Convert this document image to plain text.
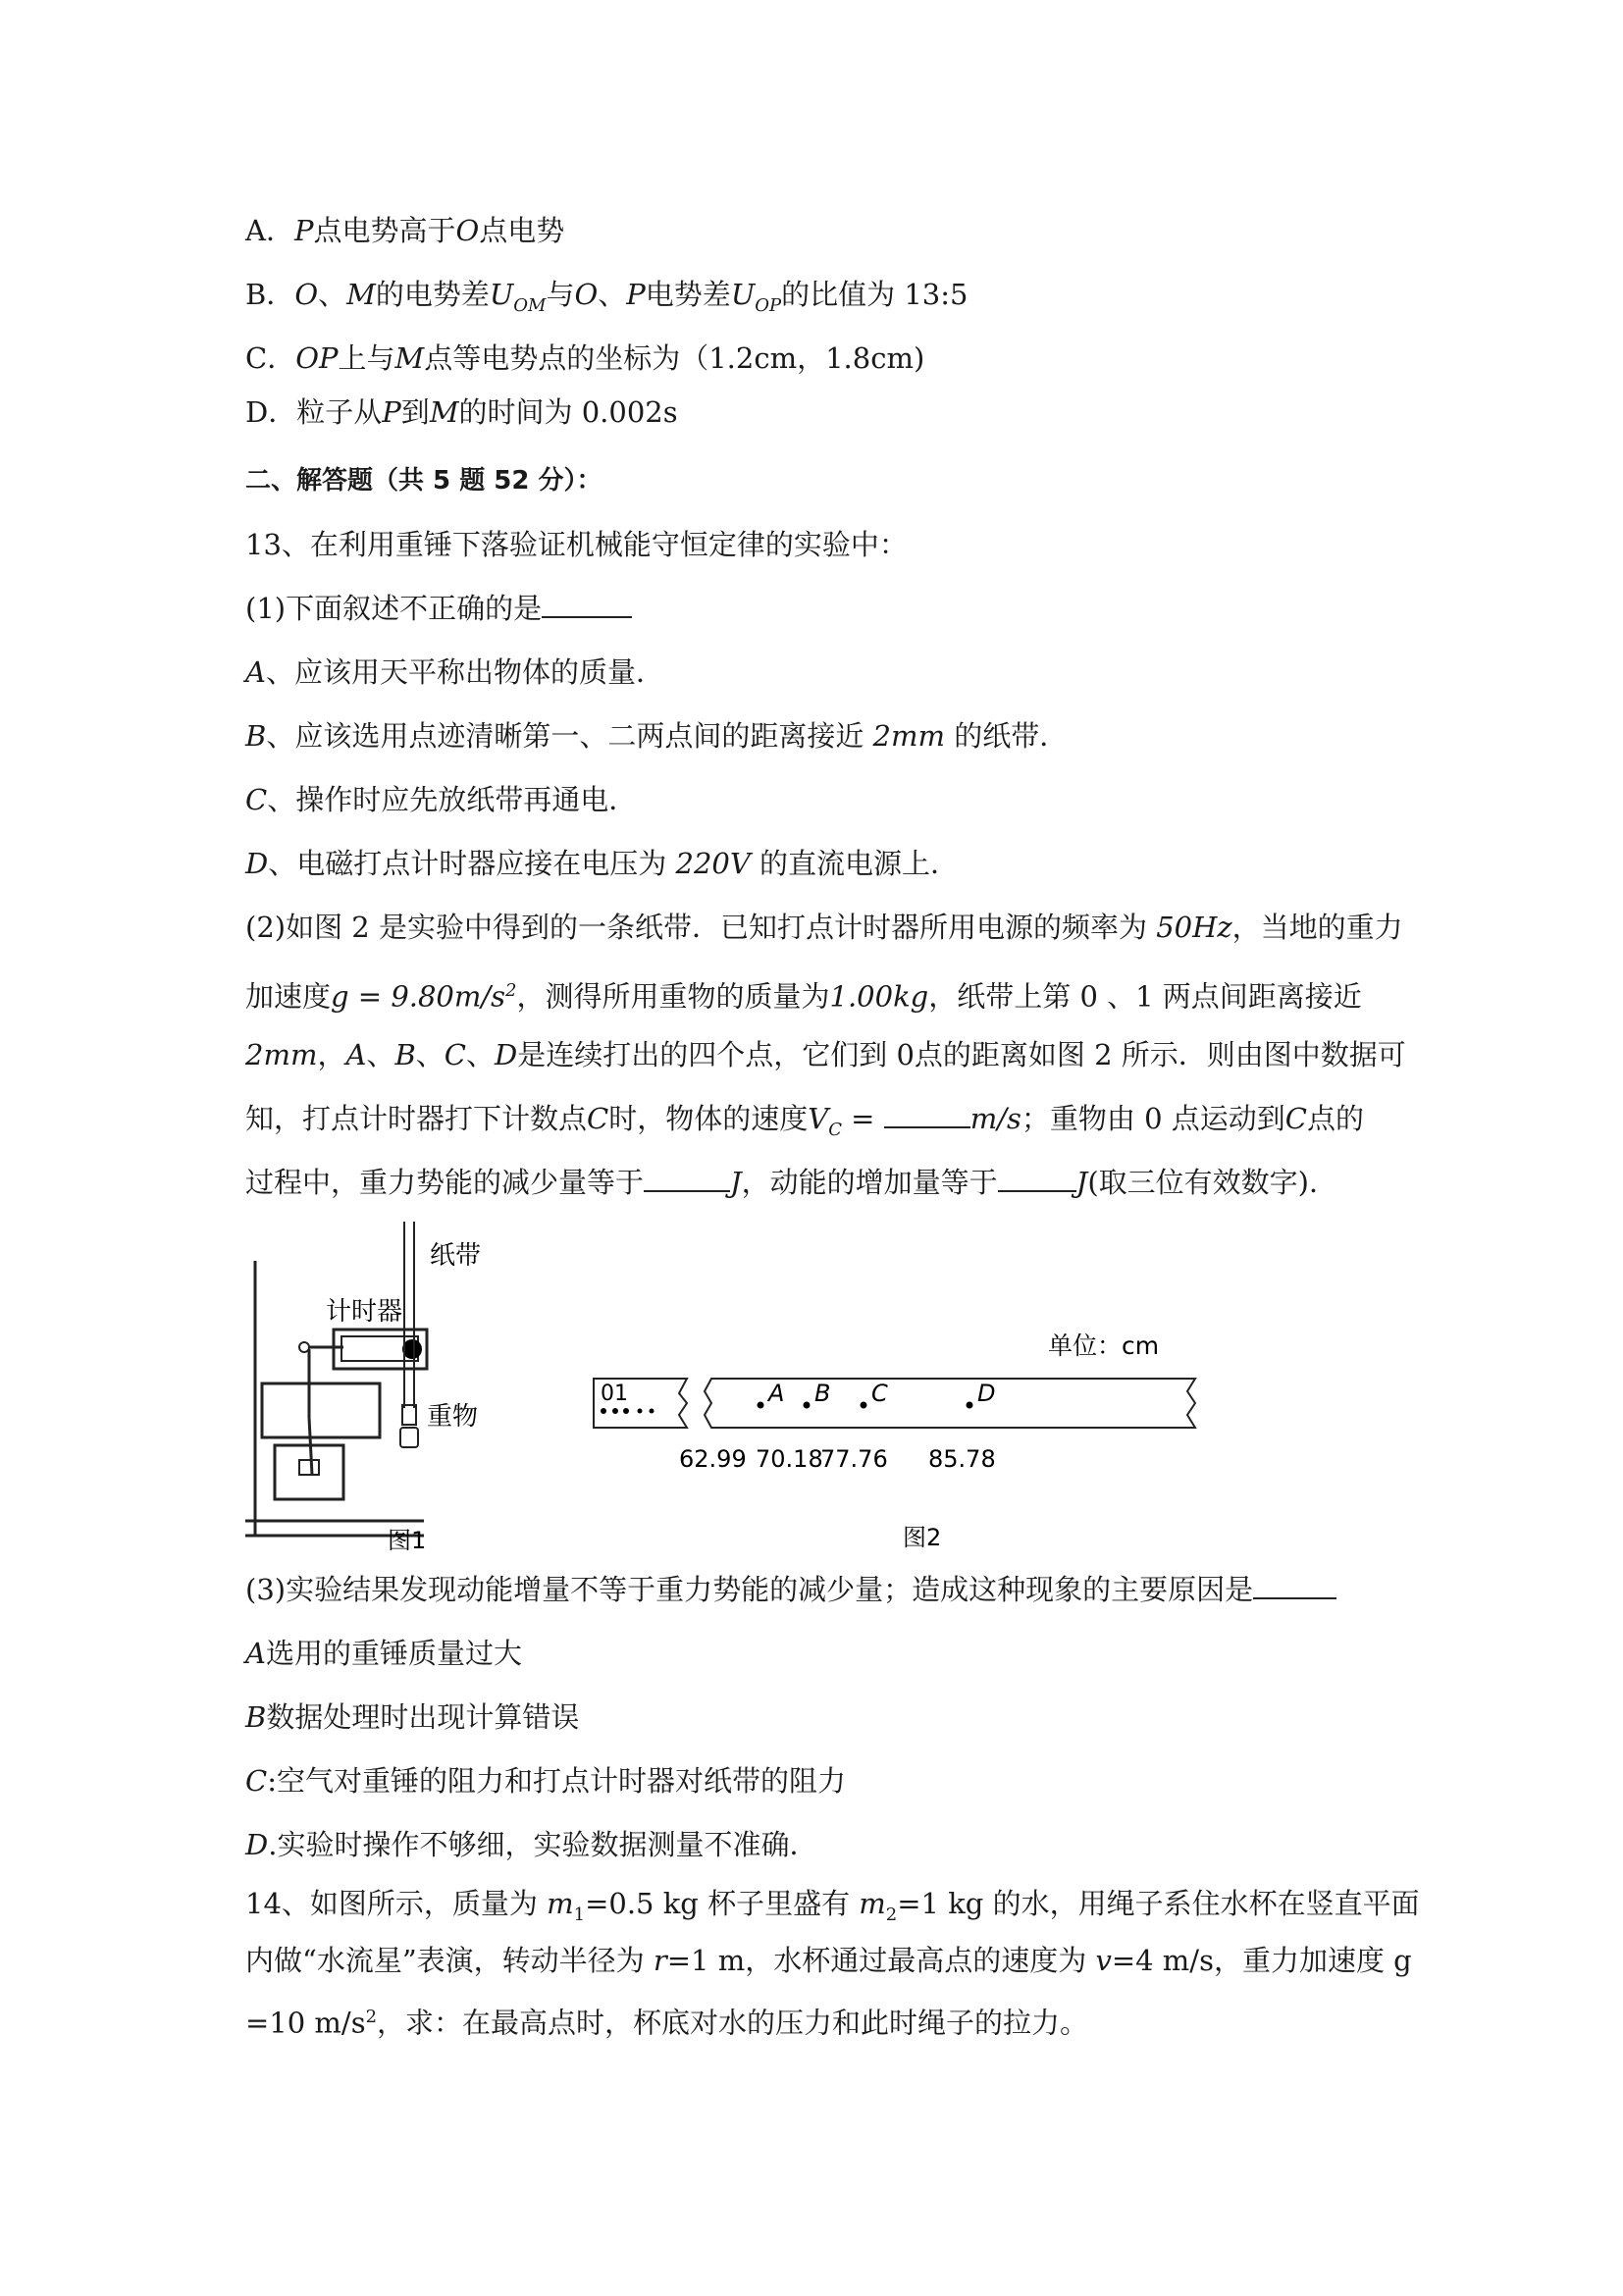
A．P点电势高于O点电势
B．O、M的电势差$U_{OM}$与O、P电势差$U_{OP}$的比值为 13:5
C．OP上与M点等电势点的坐标为（1.2cm，1.8cm)
D．粒子从P到M的时间为 0.002s
二、解答题（共 5 题 52 分）：
13、在利用重锤下落验证机械能守恒定律的实验中：
(1)下面叙述不正确的是
A、应该用天平称出物体的质量．
B、应该选用点迹清晰第一、二两点间的距离接近 2mm 的纸带．
C、操作时应先放纸带再通电．
D、电磁打点计时器应接在电压为 220V 的直流电源上．
(2)如图 2 是实验中得到的一条纸带．已知打点计时器所用电源的频率为 50Hz，当地的重力
加速度$g = 9.80m/s^2$，测得所用重物的质量为1.00kg，纸带上第 0 、1 两点间距离接近
2mm，A、B、C、D是连续打出的四个点，它们到 0点的距离如图 2 所示．则由图中数据可
知，打点计时器打下计数点C时，物体的速度$V_C$ =	m/s；重物由 0 点运动到C点的
过程中，重力势能的减少量等于	J，动能的增加量等于	J(取三位有效数字)．
纸带
计时器
重物
图1
单位：cm
01	A
62.99
B
70.18
C
77.76
D
85.78
图2
(3)实验结果发现动能增量不等于重力势能的减少量；造成这种现象的主要原因是
A选用的重锤质量过大
B数据处理时出现计算错误
C:空气对重锤的阻力和打点计时器对纸带的阻力
D.实验时操作不够细，实验数据测量不准确．
14、如图所示，质量为 $m_1=0.5$ kg 杯子里盛有 $m_2=1$ kg 的水，用绳子系住水杯在竖直平面
内做“水流星”表演，转动半径为 r=1 m，水杯通过最高点的速度为 v=4 m/s，重力加速度 g
=10 $m/s^2$，求：在最高点时，杯底对水的压力和此时绳子的拉力。
